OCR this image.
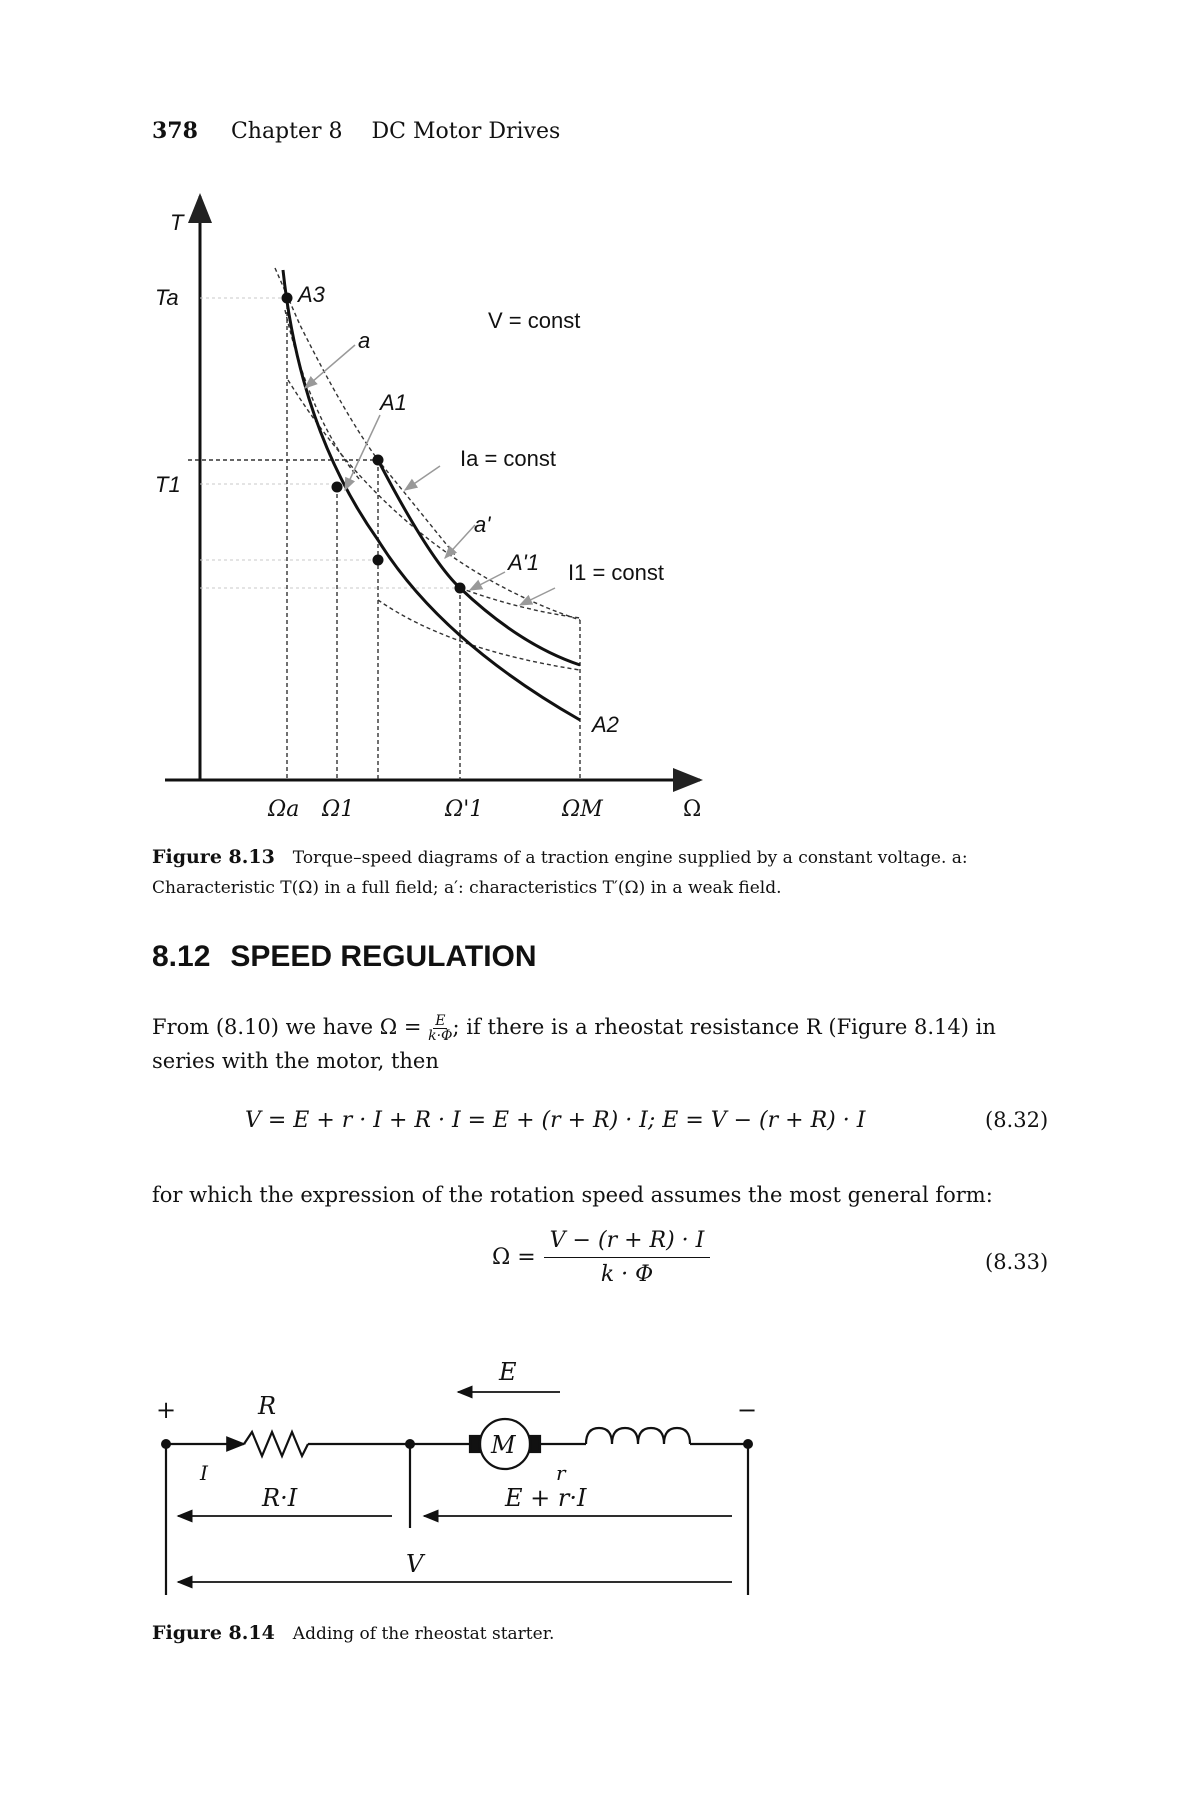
378 Chapter 8 DC Motor Drives
T
Ta
T1
A3
a
A1
V = const
Ia = const
a'
A'1 I1 = const
A2
Ωa Ω1	Ω'1	ΩM	Ω
Figure 8.13 Torque–speed diagrams of a traction engine supplied by a constant voltage. a: Characteristic T(Ω) in a full field; a′: characteristics T′(Ω) in a weak field.
8.12 SPEED REGULATION
From (8.10) we have $\Omega = \frac{E}{k\cdot\Phi}$ ; if there is a rheostat resistance R (Figure 8.14) in series with the motor, then
V = E + r · I + R · I = E + (r + R) · I; E = V − (r + R) · I	(8.32)
for which the expression of the rotation speed assumes the most general form:
$\Omega = \frac{V - (r + R) \cdot I}{k \cdot \Phi}$	(8.33)
+	−
R
I
M
E
r
R·I	E + r·I
V
Figure 8.14 Adding of the rheostat starter.
